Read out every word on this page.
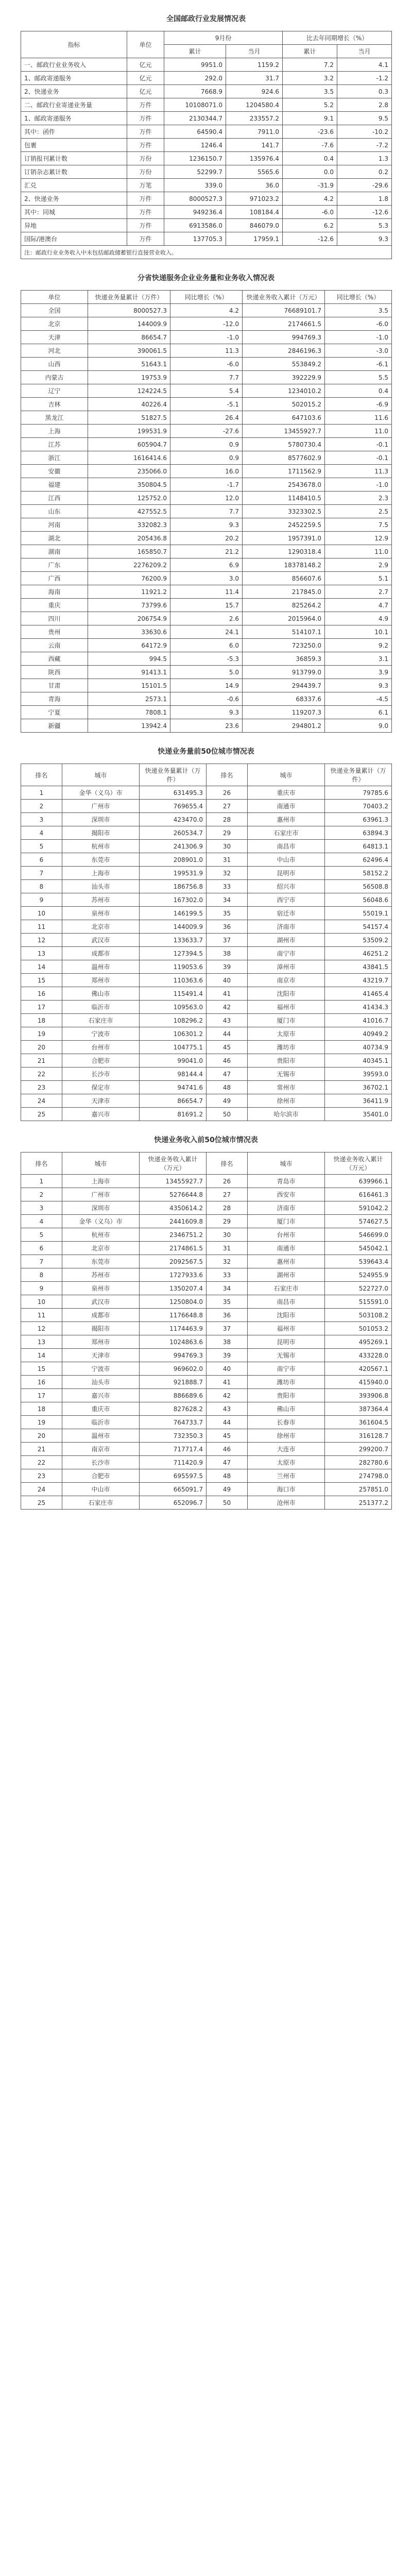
全国邮政行业发展情况表
指标	单位	9月份		比去年同期增长（%）	
		累计	当月	累计	当月
一、邮政行业业务收入	亿元	9951.0	1159.2	7.2	4.1
1、邮政寄递服务	亿元	292.0	31.7	3.2	-1.2
2、快递业务	亿元	7668.9	924.6	3.5	0.3
二、邮政行业寄递业务量	万件	10108071.0	1204580.4	5.2	2.8
1、邮政寄递服务	万件	2130344.7	233557.2	9.1	9.5
其中：函件	万件	64590.4	7911.0	-23.6	-10.2
包裹	万件	1246.4	141.7	-7.6	-7.2
订销报刊累计数	万份	1236150.7	135976.4	0.4	1.3
订销杂志累计数	万份	52299.7	5565.6	0.0	0.2
汇兑	万笔	339.0	36.0	-31.9	-29.6
2、快递业务	万件	8000527.3	971023.2	4.2	1.8
其中：同城	万件	949236.4	108184.4	-6.0	-12.6
异地	万件	6913586.0	846079.0	6.2	5.3
国际/港澳台	万件	137705.3	17959.1	-12.6	9.3
注：邮政行业业务收入中未包括邮政储蓄银行直接营业收入。					
分省快递服务企业业务量和业务收入情况表
单位	快递业务量累计（万件）	同比增长（%）	快递业务收入累计（万元）	同比增长（%）
全国	8000527.3	4.2	76689101.7	3.5
北京	144009.9	-12.0	2174661.5	-6.0
天津	86654.7	-1.0	994769.3	-1.0
河北	390061.5	11.3	2846196.3	-3.0
山西	51643.1	-6.0	553849.2	-6.1
内蒙古	19753.9	7.7	392229.9	5.5
辽宁	124224.5	5.4	1234010.2	0.4
吉林	40226.4	-5.1	502015.2	-6.9
黑龙江	51827.5	26.4	647103.6	11.6
上海	199531.9	-27.6	13455927.7	11.0
江苏	605904.7	0.9	5780730.4	-0.1
浙江	1616414.6	0.9	8577602.9	-0.1
安徽	235066.0	16.0	1711562.9	11.3
福建	350804.5	-1.7	2543678.0	-1.0
江西	125752.0	12.0	1148410.5	2.3
山东	427552.5	7.7	3323302.5	2.5
河南	332082.3	9.3	2452259.5	7.5
湖北	205436.8	20.2	1957391.0	12.9
湖南	165850.7	21.2	1290318.4	11.0
广东	2276209.2	6.9	18378148.2	2.9
广西	76200.9	3.0	856607.6	5.1
海南	11921.2	11.4	217845.0	2.7
重庆	73799.6	15.7	825264.2	4.7
四川	206754.9	2.6	2015964.0	4.9
贵州	33630.6	24.1	514107.1	10.1
云南	64172.9	6.0	723250.0	9.2
西藏	994.5	-5.3	36859.3	3.1
陕西	91413.1	5.0	913799.0	3.9
甘肃	15101.5	14.9	294439.7	9.3
青海	2573.1	-0.6	68337.6	-4.5
宁夏	7808.1	9.3	119207.3	6.1
新疆	13942.4	23.6	294801.2	9.0
快递业务量前50位城市情况表
排名	城市	快递业务量累计（万件）	排名	城市	快递业务量累计（万件）
1	金华（义乌）市	631495.3	26	重庆市	79785.6
2	广州市	769655.4	27	南通市	70403.2
3	深圳市	423470.0	28	惠州市	63961.3
4	揭阳市	260534.7	29	石家庄市	63894.3
5	杭州市	241306.9	30	南昌市	64813.1
6	东莞市	208901.0	31	中山市	62496.4
7	上海市	199531.9	32	昆明市	58152.2
8	汕头市	186756.8	33	绍兴市	56508.8
9	苏州市	167302.0	34	西宁市	56048.6
10	泉州市	146199.5	35	宿迁市	55019.1
11	北京市	144009.9	36	济南市	54157.4
12	武汉市	133633.7	37	湖州市	53509.2
13	成都市	127394.5	38	南宁市	46251.2
14	温州市	119053.6	39	漳州市	43841.5
15	郑州市	110363.6	40	南京市	43219.7
16	佛山市	115491.4	41	沈阳市	41465.4
17	临沂市	109563.0	42	福州市	41434.3
18	石家庄市	108296.2	43	厦门市	41016.7
19	宁波市	106301.2	44	太原市	40949.2
20	台州市	104775.1	45	潍坊市	40734.9
21	合肥市	99041.0	46	贵阳市	40345.1
22	长沙市	98144.4	47	无锡市	39593.0
23	保定市	94741.6	48	常州市	36702.1
24	天津市	86654.7	49	徐州市	36411.9
25	嘉兴市	81691.2	50	哈尔滨市	35401.0
快递业务收入前50位城市情况表
排名	城市	快递业务收入累计（万元）	排名	城市	快递业务收入累计（万元）
1	上海市	13455927.7	26	青岛市	639966.1
2	广州市	5276644.8	27	西安市	616461.3
3	深圳市	4350614.2	28	济南市	591042.2
4	金华（义乌）市	2441609.8	29	厦门市	574627.5
5	杭州市	2346751.2	30	台州市	546699.0
6	北京市	2174861.5	31	南通市	545042.1
7	东莞市	2092567.5	32	惠州市	539643.4
8	苏州市	1727933.6	33	湖州市	524955.9
9	泉州市	1350207.4	34	石家庄市	522727.0
10	武汉市	1250804.0	35	南昌市	515591.0
11	成都市	1176648.8	36	沈阳市	503108.2
12	揭阳市	1174463.9	37	福州市	501053.2
13	郑州市	1024863.6	38	昆明市	495269.1
14	天津市	994769.3	39	无锡市	433228.0
15	宁波市	969602.0	40	南宁市	420567.1
16	汕头市	921888.7	41	潍坊市	415940.0
17	嘉兴市	886689.6	42	贵阳市	393906.8
18	重庆市	827628.2	43	佛山市	387364.4
19	临沂市	764733.7	44	长春市	361604.5
20	温州市	732350.3	45	徐州市	316128.7
21	南京市	717717.4	46	大连市	299200.7
22	长沙市	711420.9	47	太原市	282780.6
23	合肥市	695597.5	48	兰州市	274798.0
24	中山市	665091.7	49	海口市	257851.0
25	石家庄市	652096.7	50	沧州市	251377.2
